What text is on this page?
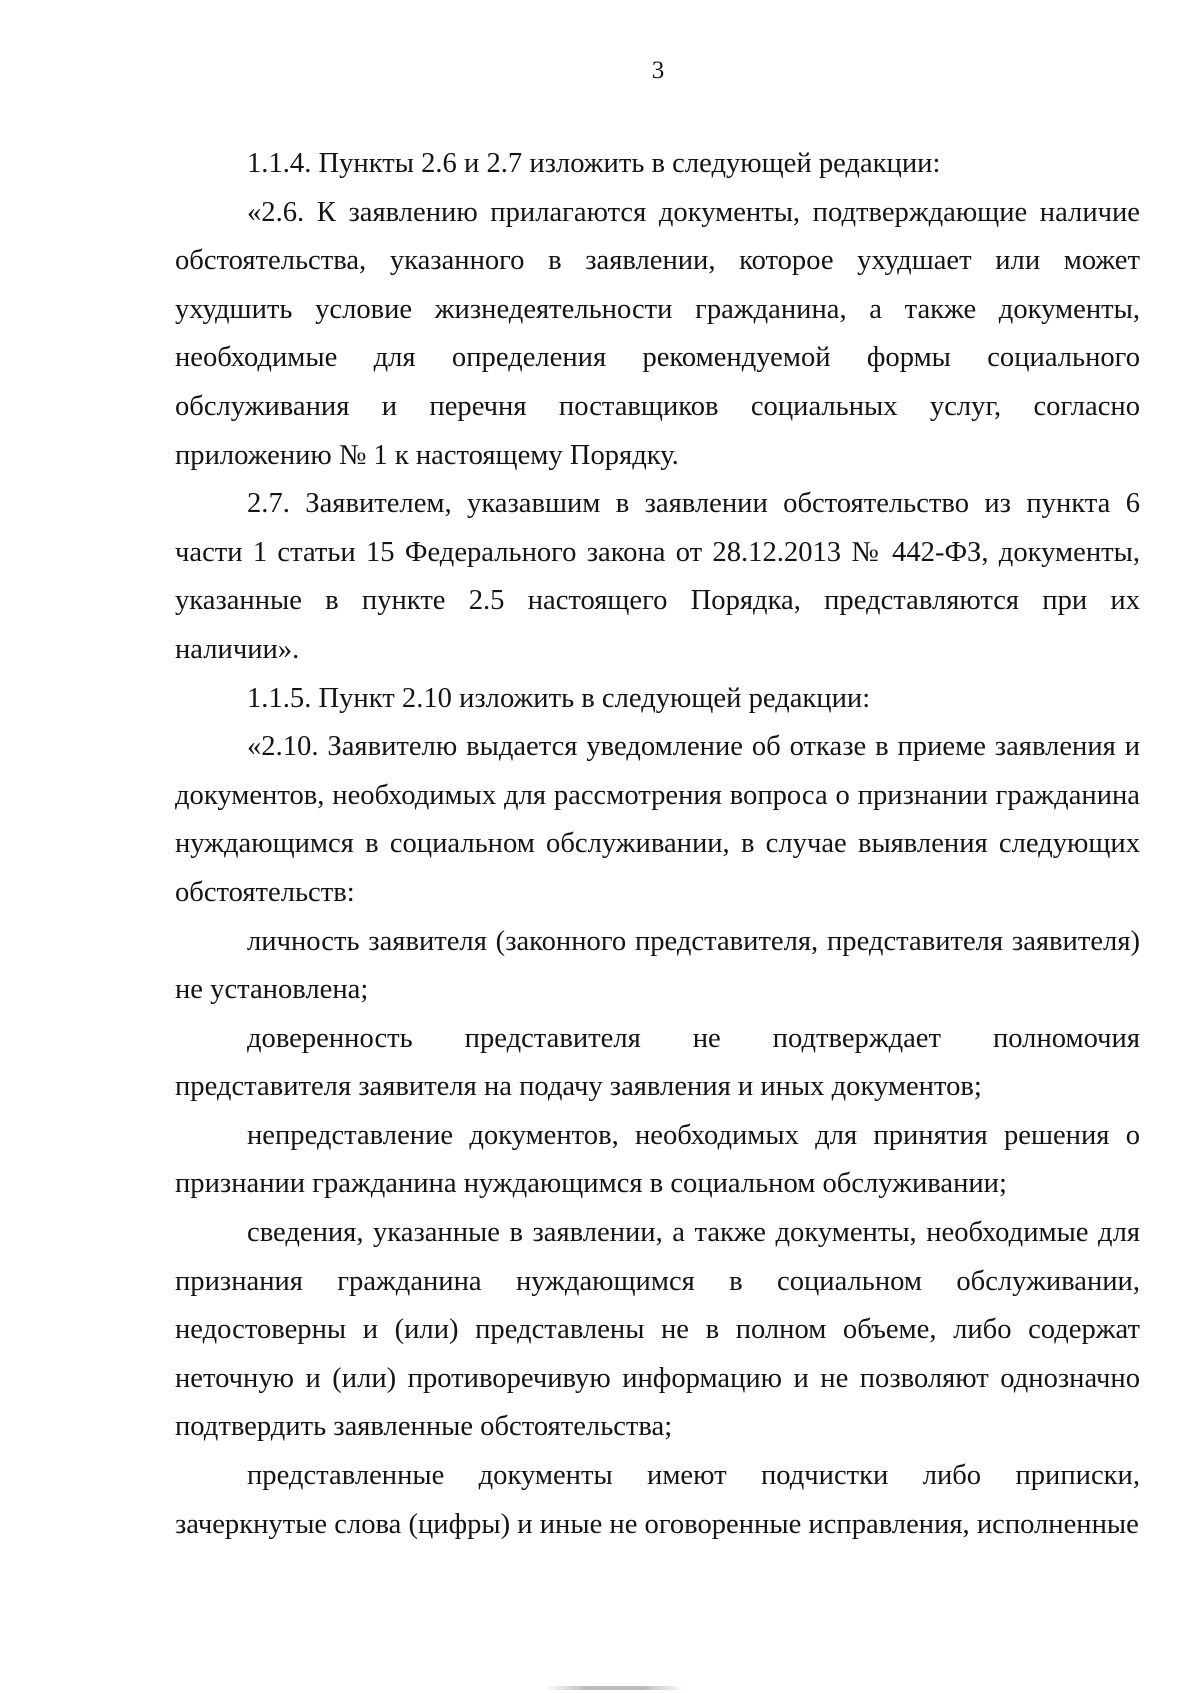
3

1.1.4. Пункты 2.6 и 2.7 изложить в следующей редакции:

«2.6. К заявлению прилагаются документы, подтверждающие наличие обстоятельства, указанного в заявлении, которое ухудшает или может ухудшить условие жизнедеятельности гражданина, а также документы, необходимые для определения рекомендуемой формы социального обслуживания и перечня поставщиков социальных услуг, согласно приложению № 1 к настоящему Порядку.

2.7. Заявителем, указавшим в заявлении обстоятельство из пункта 6 части 1 статьи 15 Федерального закона от 28.12.2013 № 442-ФЗ, документы, указанные в пункте 2.5 настоящего Порядка, представляются при их наличии».

1.1.5. Пункт 2.10 изложить в следующей редакции:

«2.10. Заявителю выдается уведомление об отказе в приеме заявления и документов, необходимых для рассмотрения вопроса о признании гражданина нуждающимся в социальном обслуживании, в случае выявления следующих обстоятельств:

личность заявителя (законного представителя, представителя заявителя) не установлена;

доверенность представителя не подтверждает полномочия представителя заявителя на подачу заявления и иных документов;

непредставление документов, необходимых для принятия решения о признании гражданина нуждающимся в социальном обслуживании;

сведения, указанные в заявлении, а также документы, необходимые для признания гражданина нуждающимся в социальном обслуживании, недостоверны и (или) представлены не в полном объеме, либо содержат неточную и (или) противоречивую информацию и не позволяют однозначно подтвердить заявленные обстоятельства;

представленные документы имеют подчистки либо приписки, зачеркнутые слова (цифры) и иные не оговоренные исправления, исполненные
